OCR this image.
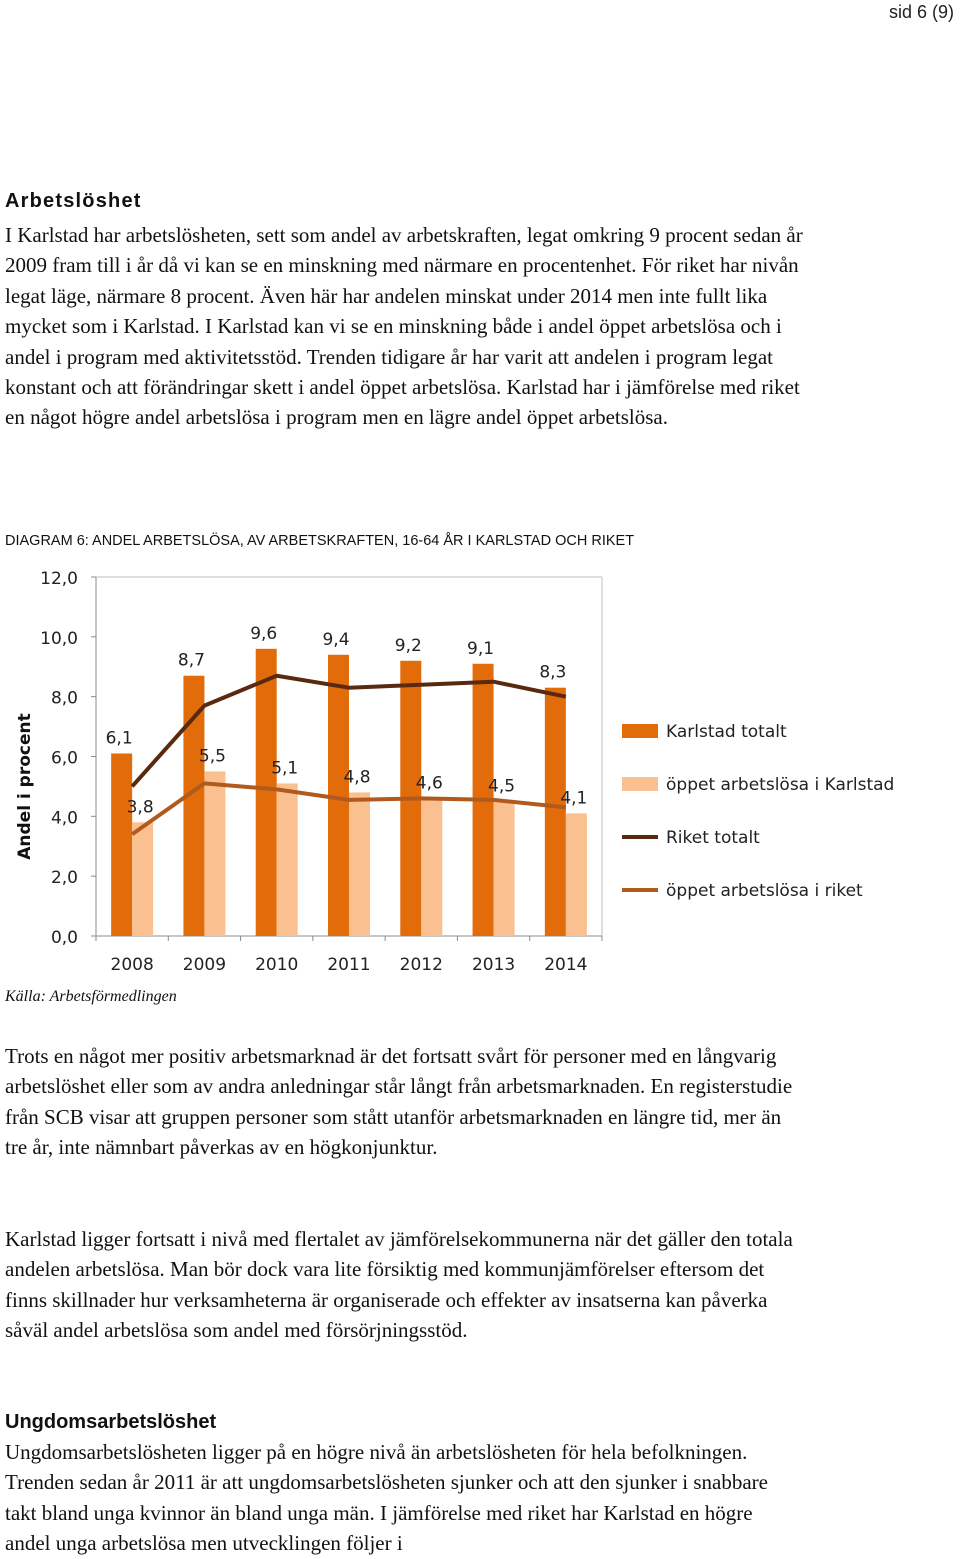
sid 6 (9)
Arbetslöshet
I Karlstad har arbetslösheten, sett som andel av arbetskraften, legat omkring 9 procent sedan år 2009 fram till i år då vi kan se en minskning med närmare en procentenhet. För riket har nivån legat läge, närmare 8 procent. Även här har andelen minskat under 2014 men inte fullt lika mycket som i Karlstad. I Karlstad kan vi se en minskning både i andel öppet arbetslösa och i andel i program med aktivitetsstöd. Trenden tidigare år har varit att andelen i program legat konstant och att förändringar skett i andel öppet arbetslösa. Karlstad har i jämförelse med riket en något högre andel arbetslösa i program men en lägre andel öppet arbetslösa.
DIAGRAM 6: ANDEL ARBETSLÖSA, AV ARBETSKRAFTEN, 16-64 ÅR I KARLSTAD OCH RIKET
0,0
2,0
4,0
6,0
8,0
10,0
12,0
Andel i procent	6,1
3,8
2008
8,7
5,5
2009
9,6
5,1
2010
9,4
4,8
2011
9,2
4,6
2012
9,1
4,5
2013
8,3
4,1
2014
Karlstad totalt
öppet arbetslösa i Karlstad
Riket totalt
öppet arbetslösa i riket
Källa: Arbetsförmedlingen
Trots en något mer positiv arbetsmarknad är det fortsatt svårt för personer med en långvarig arbetslöshet eller som av andra anledningar står långt från arbetsmarknaden. En registerstudie från SCB visar att gruppen personer som stått utanför arbetsmarknaden en längre tid, mer än tre år, inte nämnbart påverkas av en högkonjunktur.
Karlstad ligger fortsatt i nivå med flertalet av jämförelsekommunerna när det gäller den totala andelen arbetslösa. Man bör dock vara lite försiktig med kommunjämförelser eftersom det finns skillnader hur verksamheterna är organiserade och effekter av insatserna kan påverka såväl andel arbetslösa som andel med försörjningsstöd.
Ungdomsarbetslöshet
Ungdomsarbetslösheten ligger på en högre nivå än arbetslösheten för hela befolkningen. Trenden sedan år 2011 är att ungdomsarbetslösheten sjunker och att den sjunker i snabbare takt bland unga kvinnor än bland unga män. I jämförelse med riket har Karlstad en högre andel unga arbetslösa men utvecklingen följer i
